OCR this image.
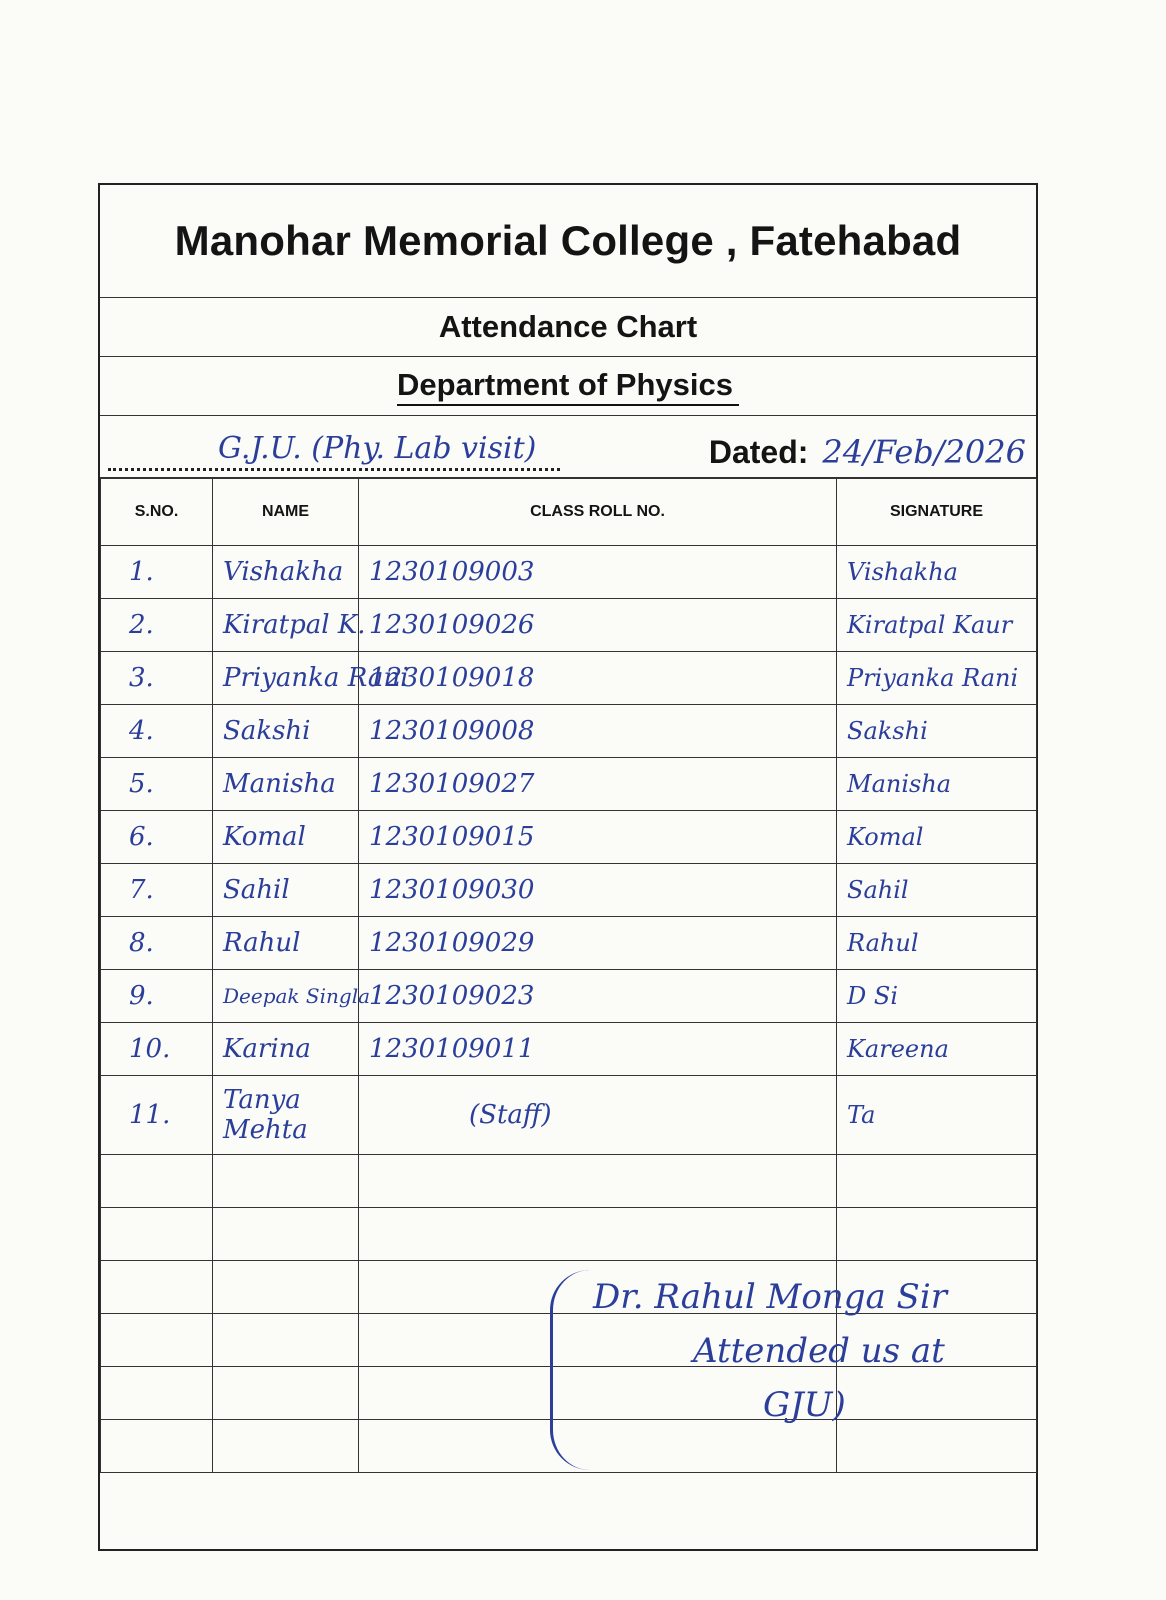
Manohar Memorial College , Fatehabad
Attendance Chart
Department of Physics
G.J.U. (Phy. Lab visit)	Dated: 24/Feb/2026
S.NO.	NAME	CLASS ROLL NO.	SIGNATURE
1.	Vishakha	1230109003	Vishakha
2.	Kiratpal K.	1230109026	Kiratpal Kaur
3.	Priyanka Rani	1230109018	Priyanka Rani
4.	Sakshi	1230109008	Sakshi
5.	Manisha	1230109027	Manisha
6.	Komal	1230109015	Komal
7.	Sahil	1230109030	Sahil
8.	Rahul	1230109029	Rahul
9.	Deepak Singla	1230109023	D Si
10.	Karina	1230109011	Kareena
11.	Tanya Mehta	(Staff)	Ta

Dr. Rahul Monga Sir
Attended us at
GJU)
